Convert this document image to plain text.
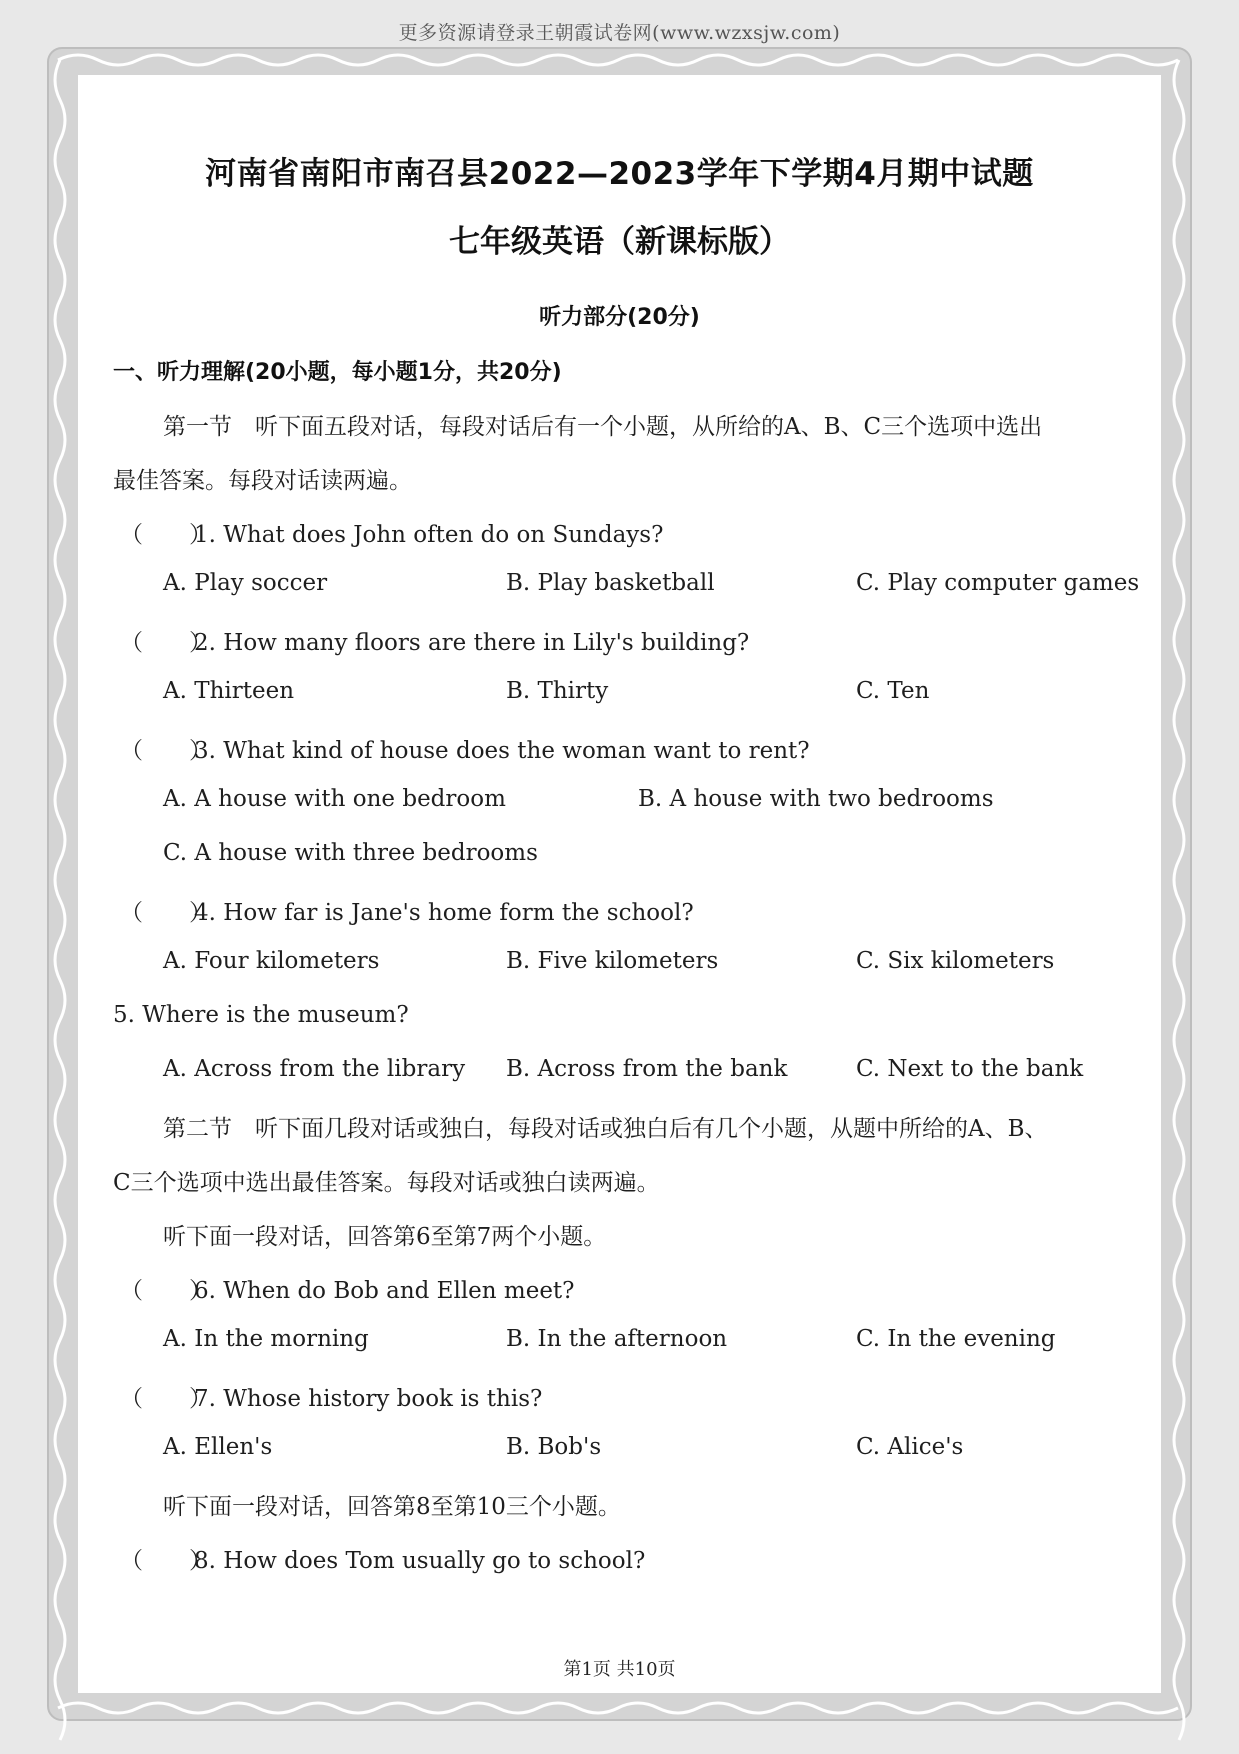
更多资源请登录王朝霞试卷网(www.wzxsjw.com)
河南省南阳市南召县2022—2023学年下学期4月期中试题
七年级英语（新课标版）
听力部分(20分)
一、听力理解(20小题，每小题1分，共20分)
第一节　听下面五段对话，每段对话后有一个小题，从所给的A、B、C三个选项中选出
最佳答案。每段对话读两遍。
（　　）1. What does John often do on Sundays?
A. Play soccer	B. Play basketball	C. Play computer games
（　　）2. How many floors are there in Lily's building?
A. Thirteen	B. Thirty	C. Ten
（　　）3. What kind of house does the woman want to rent?
A. A house with one bedroom	B. A house with two bedrooms
C. A house with three bedrooms
（　　）4. How far is Jane's home form the school?
A. Four kilometers	B. Five kilometers	C. Six kilometers
5. Where is the museum?
A. Across from the library B. Across from the bank	C. Next to the bank
第二节　听下面几段对话或独白，每段对话或独白后有几个小题，从题中所给的A、B、
C三个选项中选出最佳答案。每段对话或独白读两遍。
听下面一段对话，回答第6至第7两个小题。
（　　）6. When do Bob and Ellen meet?
A. In the morning	B. In the afternoon	C. In the evening
（　　）7. Whose history book is this?
A. Ellen's	B. Bob's	C. Alice's
听下面一段对话，回答第8至第10三个小题。
（　　）8. How does Tom usually go to school?
第1页 共10页
